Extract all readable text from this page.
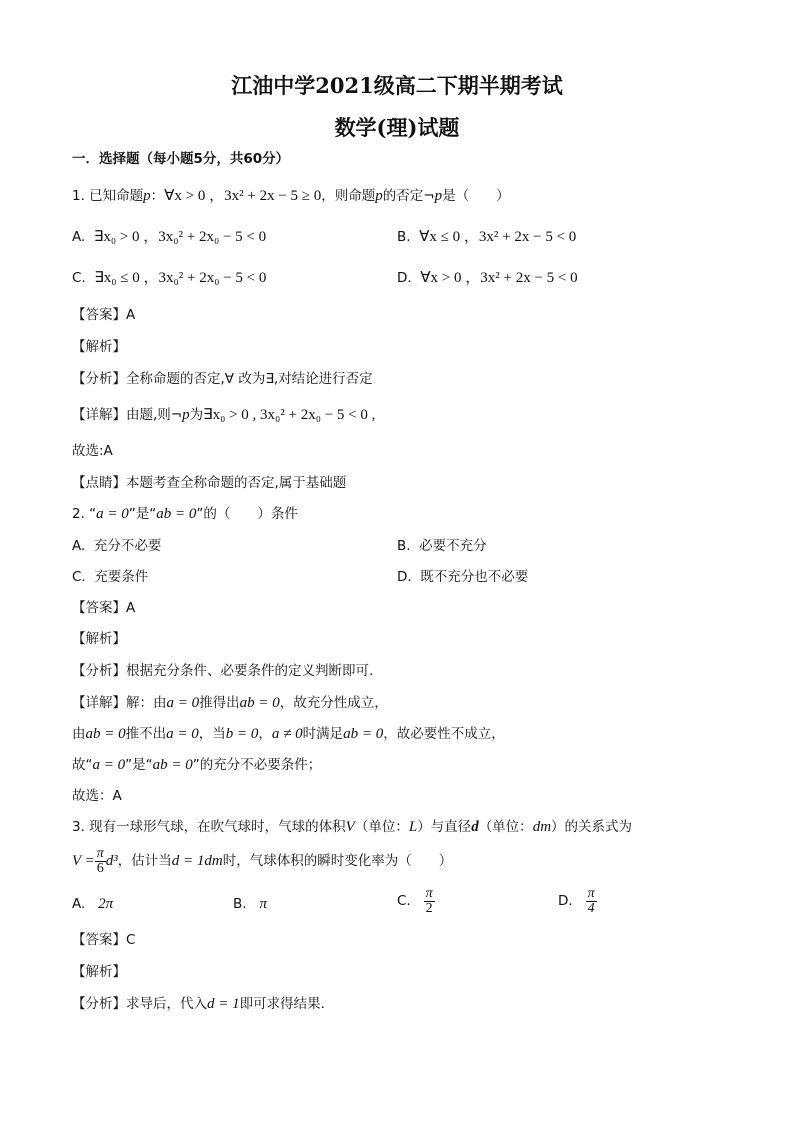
江油中学2021级高二下期半期考试
数学(理)试题
一．选择题（每小题5分，共60分）
1. 已知命题p：∀x > 0 ，3x² + 2x − 5 ≥ 0，则命题p的否定¬p是（　　）
A. ∃x₀ > 0 ，3x₀² + 2x₀ − 5 < 0	B. ∀x ≤ 0 ，3x² + 2x − 5 < 0
C. ∃x₀ ≤ 0 ，3x₀² + 2x₀ − 5 < 0	D. ∀x > 0 ，3x² + 2x − 5 < 0
【答案】A
【解析】
【分析】全称命题的否定,∀ 改为∃,对结论进行否定
【详解】由题,则¬p为∃x₀ > 0 , 3x₀² + 2x₀ − 5 < 0 ,
故选:A
【点睛】本题考查全称命题的否定,属于基础题
2. “a = 0”是“ab = 0”的（　　）条件
A. 充分不必要	B. 必要不充分
C. 充要条件	D. 既不充分也不必要
【答案】A
【解析】
【分析】根据充分条件、必要条件的定义判断即可.
【详解】解：由a = 0推得出ab = 0，故充分性成立，
由ab = 0推不出a = 0，当b = 0，a ≠ 0时满足ab = 0，故必要性不成立，
故“a = 0”是“ab = 0”的充分不必要条件；
故选：A
3. 现有一球形气球，在吹气球时，气球的体积V（单位：L）与直径d（单位：dm）的关系式为
$V = \frac{\pi}{6} d^3$，估计当d = 1dm时，气球体积的瞬时变化率为（　　）
A. 2π	B. π	C. $\frac{\pi}{2}$	D. $\frac{\pi}{4}$
【答案】C
【解析】
【分析】求导后，代入d = 1即可求得结果.
